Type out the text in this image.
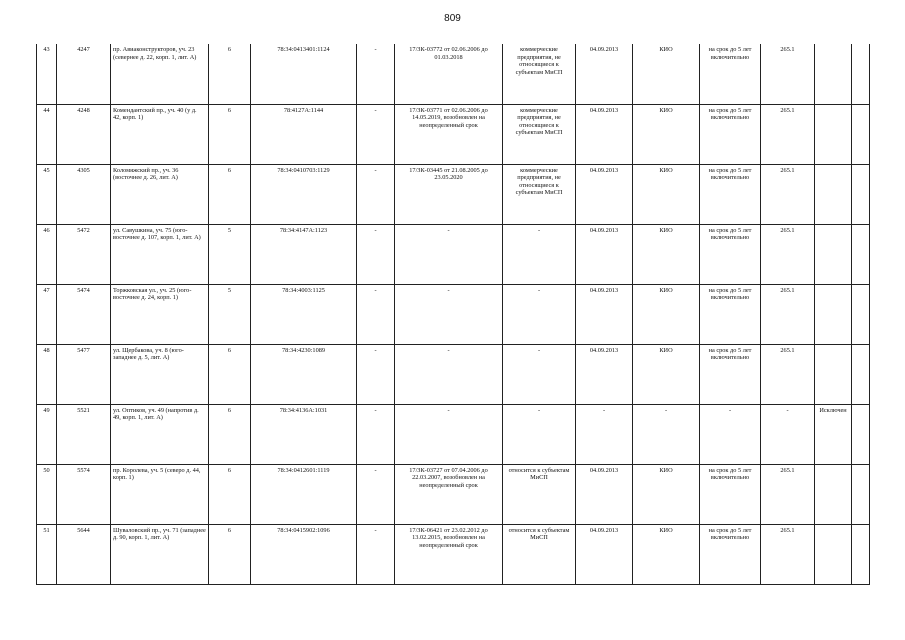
809
43	4247	пр. Авиаконструкторов, уч. 23 (севернее д. 22, корп. 1, лит. А)	6	78:34:0413401:1124	-	17/ЗК-03772 от 02.06.2006 до 01.03.2018	коммерческие предприятия, не относящиеся к субъектам МиСП	04.09.2013	КИО	на срок до 5 лет включительно	265.1		
44	4248	Комендантский пр., уч. 40 (у д. 42, корп. 1)	6	78:4127А:1144	-	17/ЗК-03771 от 02.06.2006 до 14.05.2019, возобновлен на неопределенный срок	коммерческие предприятия, не относящиеся к субъектам МиСП	04.09.2013	КИО	на срок до 5 лет включительно	265.1		
45	4305	Коломяжский пр., уч. 36 (восточнее д. 26, лит. А)	6	78:34:0410703:1129	-	17/ЗК-03445 от 21.08.2005 до 23.05.2020	коммерческие предприятия, не относящиеся к субъектам МиСП	04.09.2013	КИО	на срок до 5 лет включительно	265.1		
46	5472	ул. Савушкина, уч. 75 (юго-восточнее д. 107, корп. 1, лит. А)	5	78:34:4147А:1123	-	-	-	04.09.2013	КИО	на срок до 5 лет включительно	265.1		
47	5474	Торжковская ул., уч. 25 (юго-восточнее д. 24, корп. 1)	5	78:34:4003:1125	-	-	-	04.09.2013	КИО	на срок до 5 лет включительно	265.1		
48	5477	ул. Щербакова, уч. 8 (юго-западнее д. 5, лит. А)	6	78:34:4230:1089	-	-	-	04.09.2013	КИО	на срок до 5 лет включительно	265.1		
49	5521	ул. Оптиков, уч. 49 (напротив д. 49, корп. 1, лит. А)	6	78:34:4136А:1031	-	-	-	-	-	-	-	Исключен	
50	5574	пр. Королева, уч. 5 (северо д. 44, корп. 1)	6	78:34:0412601:1119	-	17/ЗК-03727 от 07.04.2006 до 22.03.2007, возобновлен на неопределенный срок	относится к субъектам МиСП	04.09.2013	КИО	на срок до 5 лет включительно	265.1		
51	5644	Шуваловский пр., уч. 71 (западнее д. 90, корп. 1, лит. А)	6	78:34:0415902:1096	-	17/ЗК-06421 от 23.02.2012 до 13.02.2015, возобновлен на неопределенный срок	относится к субъектам МиСП	04.09.2013	КИО	на срок до 5 лет включительно	265.1		
